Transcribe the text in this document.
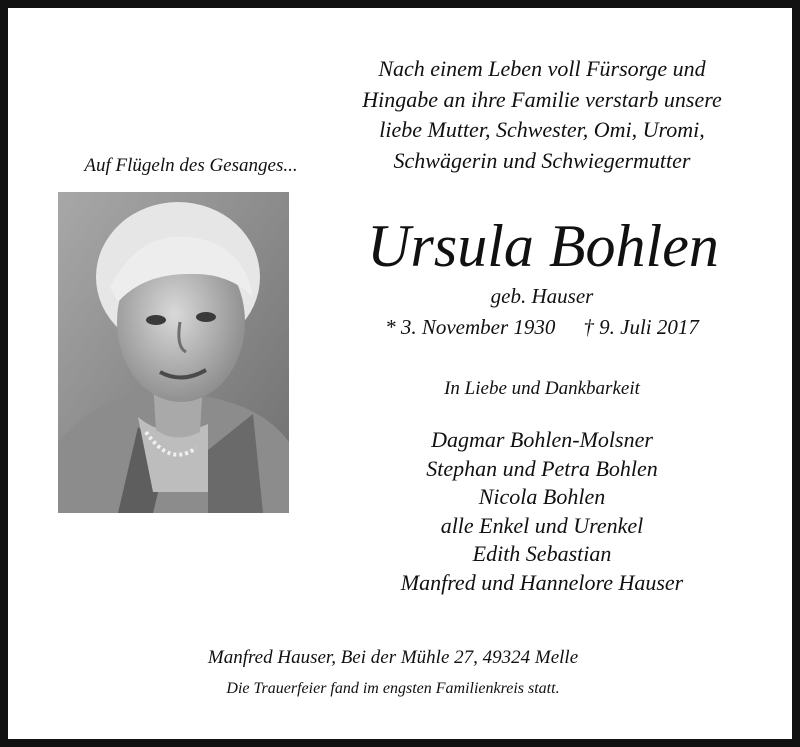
Nach einem Leben voll Fürsorge und
Hingabe an ihre Familie verstarb unsere
liebe Mutter, Schwester, Omi, Uromi,
Schwägerin und Schwiegermutter
Auf Flügeln des Gesanges...
Ursula Bohlen
geb. Hauser
* 3. November 1930 † 9. Juli 2017
In Liebe und Dankbarkeit
Dagmar Bohlen-Molsner
Stephan und Petra Bohlen
Nicola Bohlen
alle Enkel und Urenkel
Edith Sebastian
Manfred und Hannelore Hauser
Manfred Hauser, Bei der Mühle 27, 49324 Melle
Die Trauerfeier fand im engsten Familienkreis statt.
